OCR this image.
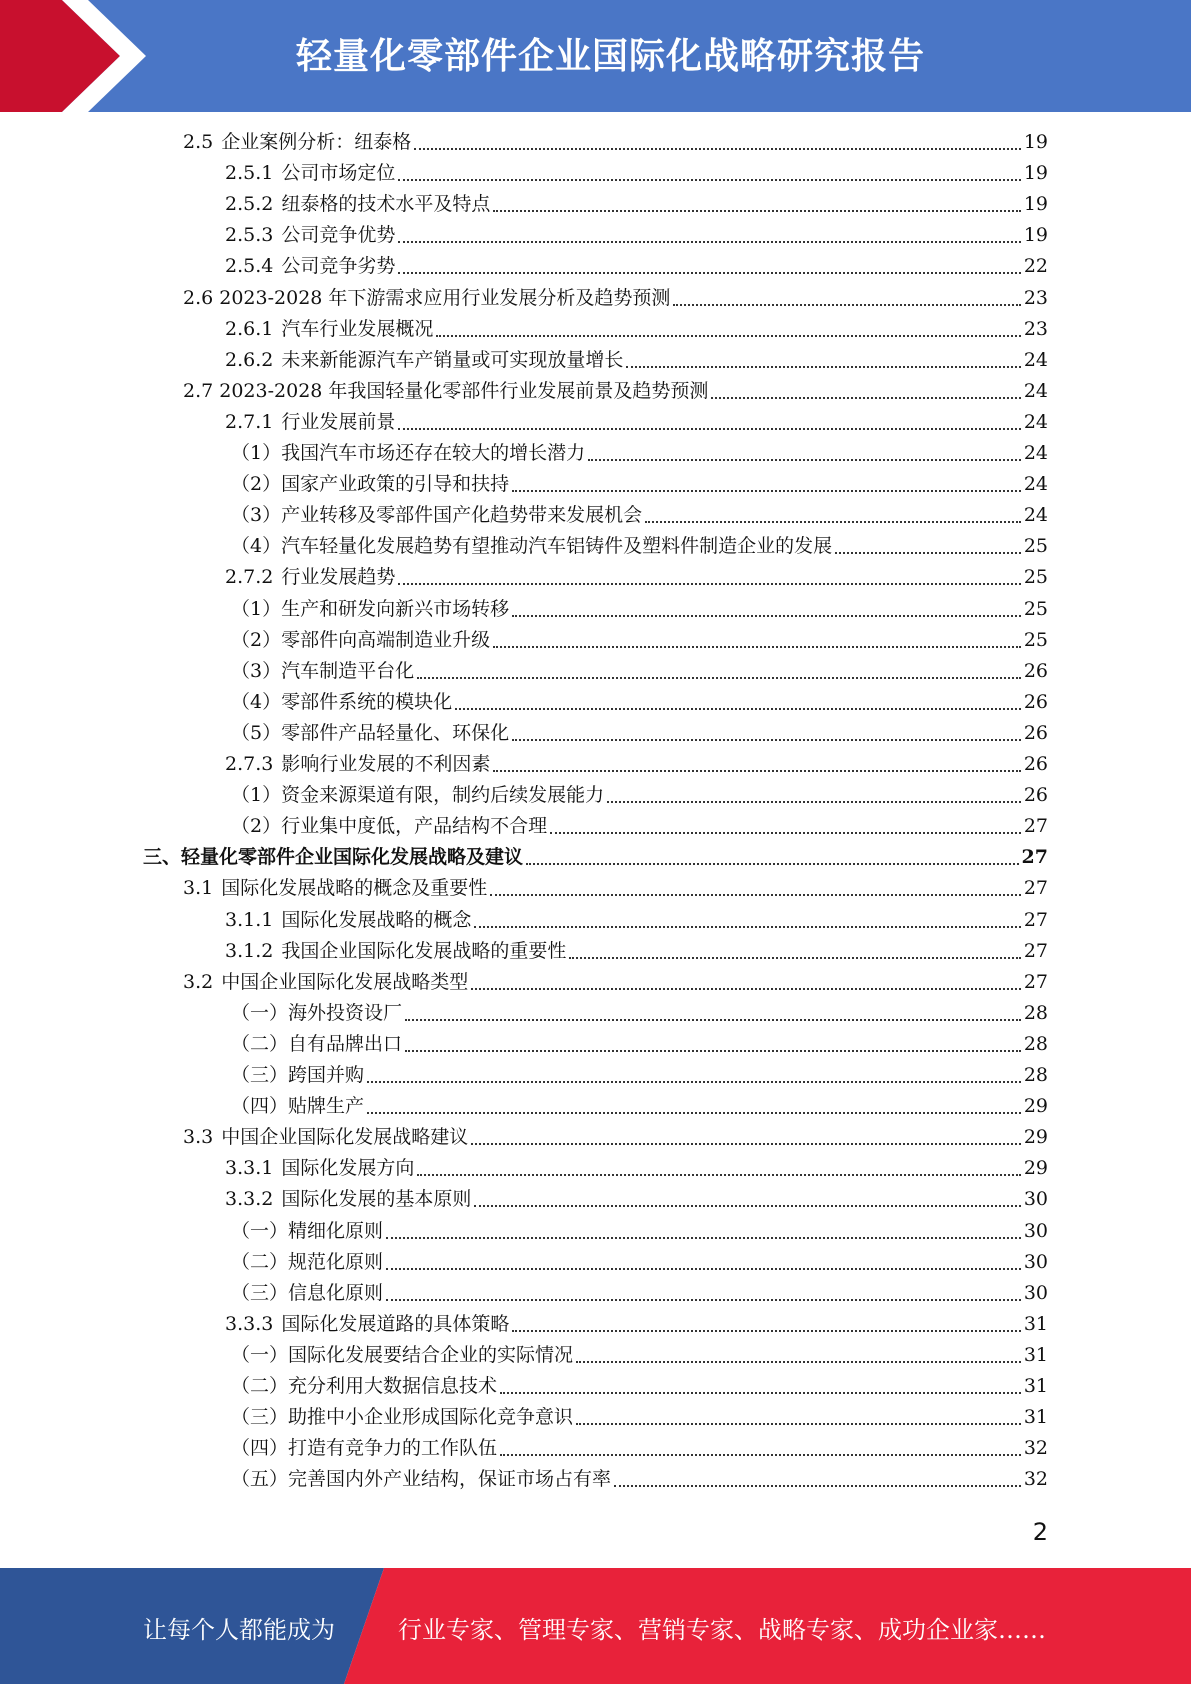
轻量化零部件企业国际化战略研究报告
2.5 企业案例分析：纽泰格	19
2.5.1 公司市场定位	19
2.5.2 纽泰格的技术水平及特点	19
2.5.3 公司竞争优势	19
2.5.4 公司竞争劣势	22
2.6 2023-2028 年下游需求应用行业发展分析及趋势预测	23
2.6.1 汽车行业发展概况	23
2.6.2 未来新能源汽车产销量或可实现放量增长	24
2.7 2023-2028 年我国轻量化零部件行业发展前景及趋势预测	24
2.7.1 行业发展前景	24
（1）我国汽车市场还存在较大的增长潜力	24
（2）国家产业政策的引导和扶持	24
（3）产业转移及零部件国产化趋势带来发展机会	24
（4）汽车轻量化发展趋势有望推动汽车铝铸件及塑料件制造企业的发展	25
2.7.2 行业发展趋势	25
（1）生产和研发向新兴市场转移	25
（2）零部件向高端制造业升级	25
（3）汽车制造平台化	26
（4）零部件系统的模块化	26
（5）零部件产品轻量化、环保化	26
2.7.3 影响行业发展的不利因素	26
（1）资金来源渠道有限，制约后续发展能力	26
（2）行业集中度低，产品结构不合理	27
三、轻量化零部件企业国际化发展战略及建议	27
3.1 国际化发展战略的概念及重要性	27
3.1.1 国际化发展战略的概念	27
3.1.2 我国企业国际化发展战略的重要性	27
3.2 中国企业国际化发展战略类型	27
（一）海外投资设厂	28
（二）自有品牌出口	28
（三）跨国并购	28
（四）贴牌生产	29
3.3 中国企业国际化发展战略建议	29
3.3.1 国际化发展方向	29
3.3.2 国际化发展的基本原则	30
（一）精细化原则	30
（二）规范化原则	30
（三）信息化原则	30
3.3.3 国际化发展道路的具体策略	31
（一）国际化发展要结合企业的实际情况	31
（二）充分利用大数据信息技术	31
（三）助推中小企业形成国际化竞争意识	31
（四）打造有竞争力的工作队伍	32
（五）完善国内外产业结构，保证市场占有率	32
2
让每个人都能成为	行业专家、管理专家、营销专家、战略专家、成功企业家……
